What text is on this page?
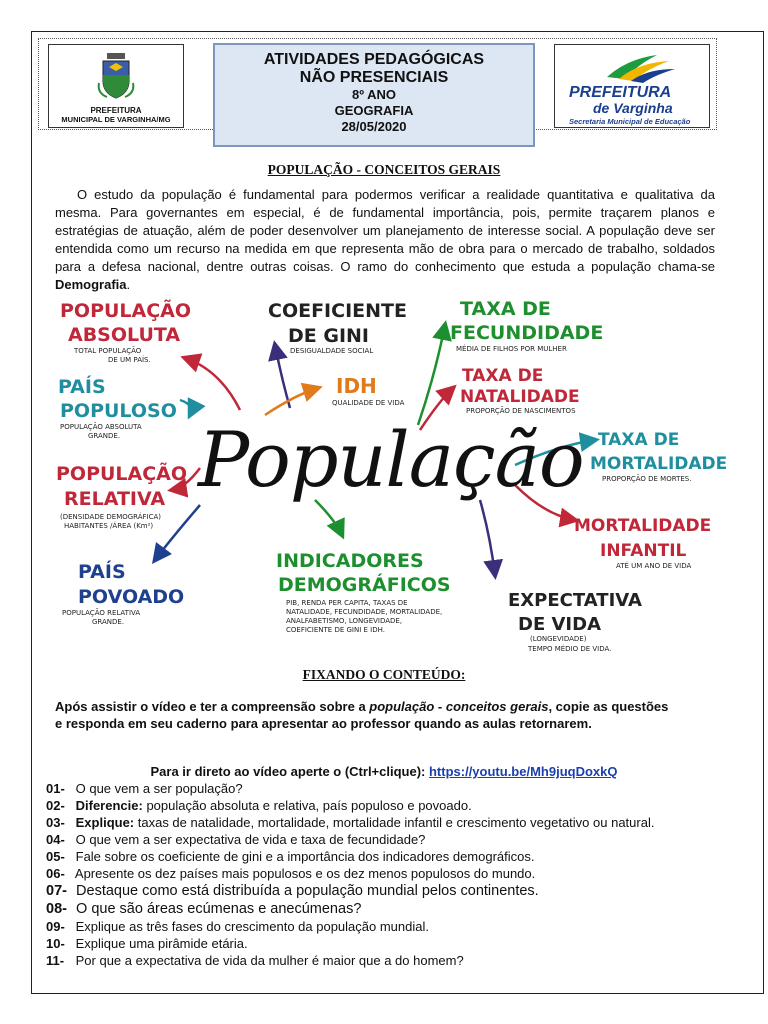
PREFEITURA
MUNICIPAL DE VARGINHA/MG
ATIVIDADES PEDAGÓGICAS
NÃO PRESENCIAIS
8º ANO
GEOGRAFIA
28/05/2020
PREFEITURA
de Varginha
Secretaria Municipal de Educação
POPULAÇÃO - CONCEITOS GERAIS
O estudo da população é fundamental para podermos verificar a realidade quantitativa e qualitativa da mesma. Para governantes em especial, é de fundamental importância, pois, permite traçarem planos e estratégias de atuação, além de poder desenvolver um planejamento de interesse social. A população deve ser entendida como um recurso na medida em que representa mão de obra para o mercado de trabalho, soldados para a defesa nacional, dentre outras coisas. O ramo do conhecimento que estuda a população chama-se Demografia.
População
POPULAÇÃO
ABSOLUTA
TOTAL POPULAÇÃO
DE UM PAÍS.
PAÍS
POPULOSO
POPULAÇÃO ABSOLUTA
GRANDE.
POPULAÇÃO
RELATIVA
(DENSIDADE DEMOGRÁFICA)
HABITANTES /ÁREA (Km²)
PAÍS
POVOADO
POPULAÇÃO RELATIVA
GRANDE.
COEFICIENTE
DE GINI
DESIGUALDADE SOCIAL
IDH
QUALIDADE DE VIDA
INDICADORES
DEMOGRÁFICOS
PIB, RENDA PER CAPITA, TAXAS DE
NATALIDADE, FECUNDIDADE, MORTALIDADE,
ANALFABETISMO, LONGEVIDADE,
COEFICIENTE DE GINI E IDH.
TAXA DE
FECUNDIDADE
MÉDIA DE FILHOS POR MULHER
TAXA DE
NATALIDADE
PROPORÇÃO DE NASCIMENTOS
TAXA DE
MORTALIDADE
PROPORÇÃO DE MORTES.
MORTALIDADE
INFANTIL
ATÉ UM ANO DE VIDA
EXPECTATIVA
DE VIDA
(LONGEVIDADE)
TEMPO MÉDIO DE VIDA.
FIXANDO O CONTEÚDO:
Após assistir o vídeo e ter a compreensão sobre a população - conceitos gerais, copie as questões
e responda em seu caderno para apresentar ao professor quando as aulas retornarem.
Para ir direto ao vídeo aperte o (Ctrl+clique): https://youtu.be/Mh9juqDoxkQ
01- O que vem a ser população?
02- Diferencie: população absoluta e relativa, país populoso e povoado.
03- Explique: taxas de natalidade, mortalidade, mortalidade infantil e crescimento vegetativo ou natural.
04- O que vem a ser expectativa de vida e taxa de fecundidade?
05- Fale sobre os coeficiente de gini e a importância dos indicadores demográficos.
06- Apresente os dez países mais populosos e os dez menos populosos do mundo.
07- Destaque como está distribuída a população mundial pelos continentes.
08- O que são áreas ecúmenas e anecúmenas?
09- Explique as três fases do crescimento da população mundial.
10- Explique uma pirâmide etária.
11- Por que a expectativa de vida da mulher é maior que a do homem?
